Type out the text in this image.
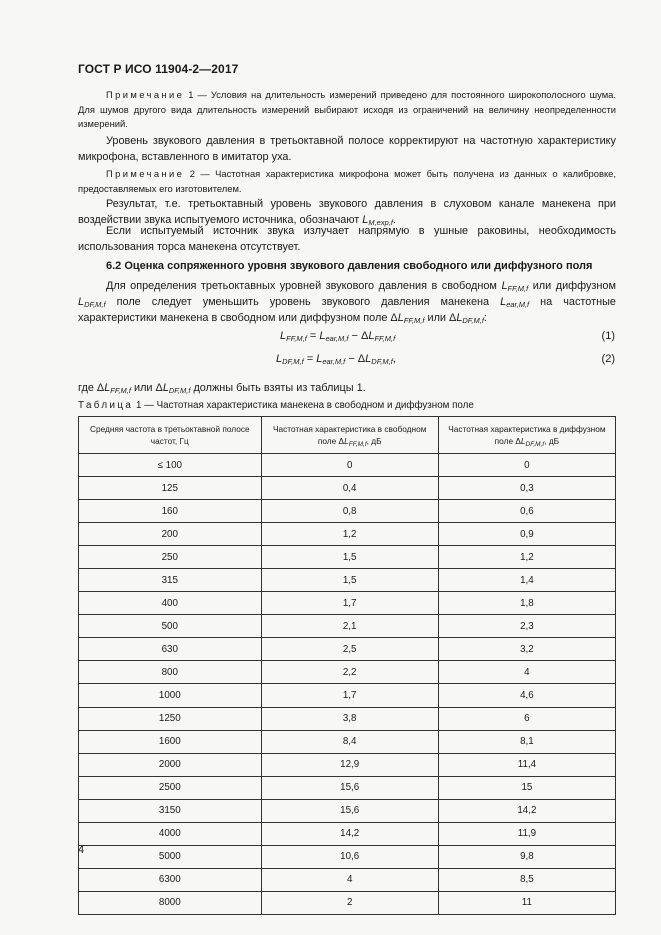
ГОСТ Р ИСО 11904-2—2017

Примечание 1 — Условия на длительность измерений приведено для постоянного широкополосного шума. Для шумов другого вида длительность измерений выбирают исходя из ограничений на величину неопределенности измерений.

Уровень звукового давления в третьоктавной полосе корректируют на частотную характеристику микрофона, вставленного в имитатор уха.

Примечание 2 — Частотная характеристика микрофона может быть получена из данных о калибровке, предоставляемых его изготовителем.

Результат, т.е. третьоктавный уровень звукового давления в слуховом канале манекена при воздействии звука испытуемого источника, обозначают $L_{M,exp,f}$.

Если испытуемый источник звука излучает напрямую в ушные раковины, необходимость использования торса манекена отсутствует.

6.2 Оценка сопряженного уровня звукового давления свободного или диффузного поля

Для определения третьоктавных уровней звукового давления в свободном $L_{FF,M,f}$ или диффузном $L_{DF,M,f}$ поле следует уменьшить уровень звукового давления манекена $L_{ear,M,f}$ на частотные характеристики манекена в свободном или диффузном поле $\Delta L_{FF,M,f}$ или $\Delta L_{DF,M,f}$:

$L_{FF,M,f} = L_{ear,M,f} - \Delta L_{FF,M,f}$	(1)
$L_{DF,M,f} = L_{ear,M,f} - \Delta L_{DF,M,f}$,	(2)

где $\Delta L_{FF,M,f}$ или $\Delta L_{DF,M,f}$ должны быть взяты из таблицы 1.

Таблица 1 — Частотная характеристика манекена в свободном и диффузном поле
Средняя частота в третьоктавной полосе частот, Гц	Частотная характеристика в свободном поле $\Delta L_{FF,M,f}$, дБ	Частотная характеристика в диффузном поле $\Delta L_{DF,M,f}$, дБ
≤ 100	0	0
125	0,4	0,3
160	0,8	0,6
200	1,2	0,9
250	1,5	1,2
315	1,5	1,4
400	1,7	1,8
500	2,1	2,3
630	2,5	3,2
800	2,2	4
1000	1,7	4,6
1250	3,8	6
1600	8,4	8,1
2000	12,9	11,4
2500	15,6	15
3150	15,6	14,2
4000	14,2	11,9
5000	10,6	9,8
6300	4	8,5
8000	2	11
4
